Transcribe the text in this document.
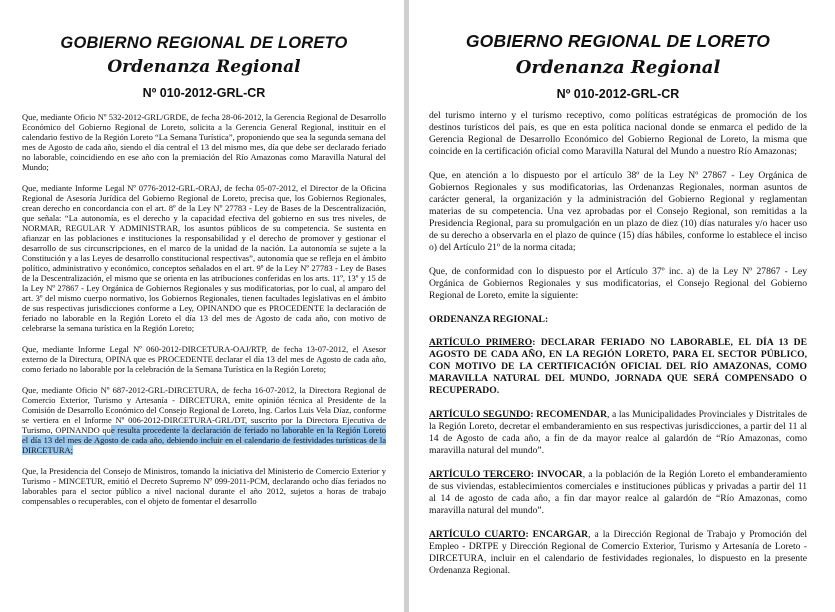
GOBIERNO REGIONAL DE LORETO
Ordenanza Regional
Nº 010-2012-GRL-CR

Que, mediante Oficio Nº 532-2012-GRL/GRDE, de fecha 28-06-2012, la Gerencia Regional de Desarrollo Económico del Gobierno Regional de Loreto, solicita a la Gerencia General Regional, instituir en el calendario festivo de la Región Loreto “La Semana Turística”, proponiendo que sea la segunda semana del mes de Agosto de cada año, siendo el día central el 13 del mismo mes, día que debe ser declarado feriado no laborable, coincidiendo en ese año con la premiación del Río Amazonas como Maravilla Natural del Mundo;

Que, mediante Informe Legal Nº 0776-2012-GRL-ORAJ, de fecha 05-07-2012, el Director de la Oficina Regional de Asesoría Jurídica del Gobierno Regional de Loreto, precisa que, los Gobiernos Regionales, crean derecho en concordancia con el art. 8º de la Ley Nº 27783 - Ley de Bases de la Descentralización, que señala: “La autonomía, es el derecho y la capacidad efectiva del gobierno en sus tres niveles, de NORMAR, REGULAR Y ADMINISTRAR, los asuntos públicos de su competencia. Se sustenta en afianzar en las poblaciones e instituciones la responsabilidad y el derecho de promover y gestionar el desarrollo de sus circunscripciones, en el marco de la unidad de la nación. La autonomía se sujete a la Constitución y a las Leyes de desarrollo constitucional respectivas”, autonomía que se refleja en el ámbito político, administrativo y económico, conceptos señalados en el art. 9º de la Ley Nº 27783 - Ley de Bases de la Descentralización, el mismo que se orienta en las atribuciones conferidas en los arts. 11º, 13º y 15 de la Ley Nº 27867 - Ley Orgánica de Gobiernos Regionales y sus modificatorias, por lo cual, al amparo del art. 3º del mismo cuerpo normativo, los Gobiernos Regionales, tienen facultades legislativas en el ámbito de sus respectivas jurisdicciones conforme a Ley, OPINANDO que es PROCEDENTE la declaración de feriado no laborable en la Región Loreto el día 13 del mes de Agosto de cada año, con motivo de celebrarse la semana turística en la Región Loreto;

Que, mediante Informe Legal Nº 060-2012-DIRCETURA-OAJ/RTP, de fecha 13-07-2012, el Asesor externo de la Directura, OPINA que es PROCEDENTE declarar el día 13 del mes de Agosto de cada año, como feriado no laborable por la celebración de la Semana Turística en la Región Loreto;

Que, mediante Oficio Nº 687-2012-GRL-DIRCETURA, de fecha 16-07-2012, la Directora Regional de Comercio Exterior, Turismo y Artesanía - DIRCETURA, emite opinión técnica al Presidente de la Comisión de Desarrollo Económico del Consejo Regional de Loreto, Ing. Carlos Luis Vela Díaz, conforme se vertiera en el Informe Nº 006-2012-DIRCETURA-GRL/DT, suscrito por la Directora Ejecutiva de Turismo, OPINANDO que resulta procedente la declaración de feriado no laborable en la Región Loreto el día 13 del mes de Agosto de cada año, debiendo incluir en el calendario de festividades turísticas de la DIRCETURA;

Que, la Presidencia del Consejo de Ministros, tomando la iniciativa del Ministerio de Comercio Exterior y Turismo - MINCETUR, emitió el Decreto Supremo Nº 099-2011-PCM, declarando ocho días feriados no laborables para el sector público a nivel nacional durante el año 2012, sujetos a horas de trabajo compensables o recuperables, con el objeto de fomentar el desarrollo

GOBIERNO REGIONAL DE LORETO
Ordenanza Regional
Nº 010-2012-GRL-CR

del turismo interno y el turismo receptivo, como políticas estratégicas de promoción de los destinos turísticos del país, es que en esta política nacional donde se enmarca el pedido de la Gerencia Regional de Desarrollo Económico del Gobierno Regional de Loreto, la misma que coincide en la certificación oficial como Maravilla Natural del Mundo a nuestro Río Amazonas;

Que, en atención a lo dispuesto por el artículo 38º de la Ley Nº 27867 - Ley Orgánica de Gobiernos Regionales y sus modificatorias, las Ordenanzas Regionales, norman asuntos de carácter general, la organización y la administración del Gobierno Regional y reglamentan materias de su competencia. Una vez aprobadas por el Consejo Regional, son remitidas a la Presidencia Regional, para su promulgación en un plazo de diez (10) días naturales y/o hacer uso de su derecho a observarla en el plazo de quince (15) días hábiles, conforme lo establece el inciso o) del Artículo 21º de la norma citada;

Que, de conformidad con lo dispuesto por el Artículo 37º inc. a) de la Ley Nº 27867 - Ley Orgánica de Gobiernos Regionales y sus modificatorias, el Consejo Regional del Gobierno Regional de Loreto, emite la siguiente:

ORDENANZA REGIONAL:

ARTÍCULO PRIMERO: DECLARAR FERIADO NO LABORABLE, EL DÍA 13 DE AGOSTO DE CADA AÑO, EN LA REGIÓN LORETO, PARA EL SECTOR PÚBLICO, CON MOTIVO DE LA CERTIFICACIÓN OFICIAL DEL RÍO AMAZONAS, COMO MARAVILLA NATURAL DEL MUNDO, JORNADA QUE SERÁ COMPENSADO O RECUPERADO.

ARTÍCULO SEGUNDO: RECOMENDAR, a las Municipalidades Provinciales y Distritales de la Región Loreto, decretar el embanderamiento en sus respectivas jurisdicciones, a partir del 11 al 14 de Agosto de cada año, a fin de da mayor realce al galardón de “Río Amazonas, como maravilla natural del mundo”.

ARTÍCULO TERCERO: INVOCAR, a la población de la Región Loreto el embanderamiento de sus viviendas, establecimientos comerciales e instituciones públicas y privadas a partir del 11 al 14 de agosto de cada año, a fin dar mayor realce al galardón de “Río Amazonas, como maravilla natural del mundo”.

ARTÍCULO CUARTO: ENCARGAR, a la Dirección Regional de Trabajo y Promoción del Empleo - DRTPE y Dirección Regional de Comercio Exterior, Turismo y Artesanía de Loreto - DIRCETURA, incluir en el calendario de festividades regionales, lo dispuesto en la presente Ordenanza Regional.
